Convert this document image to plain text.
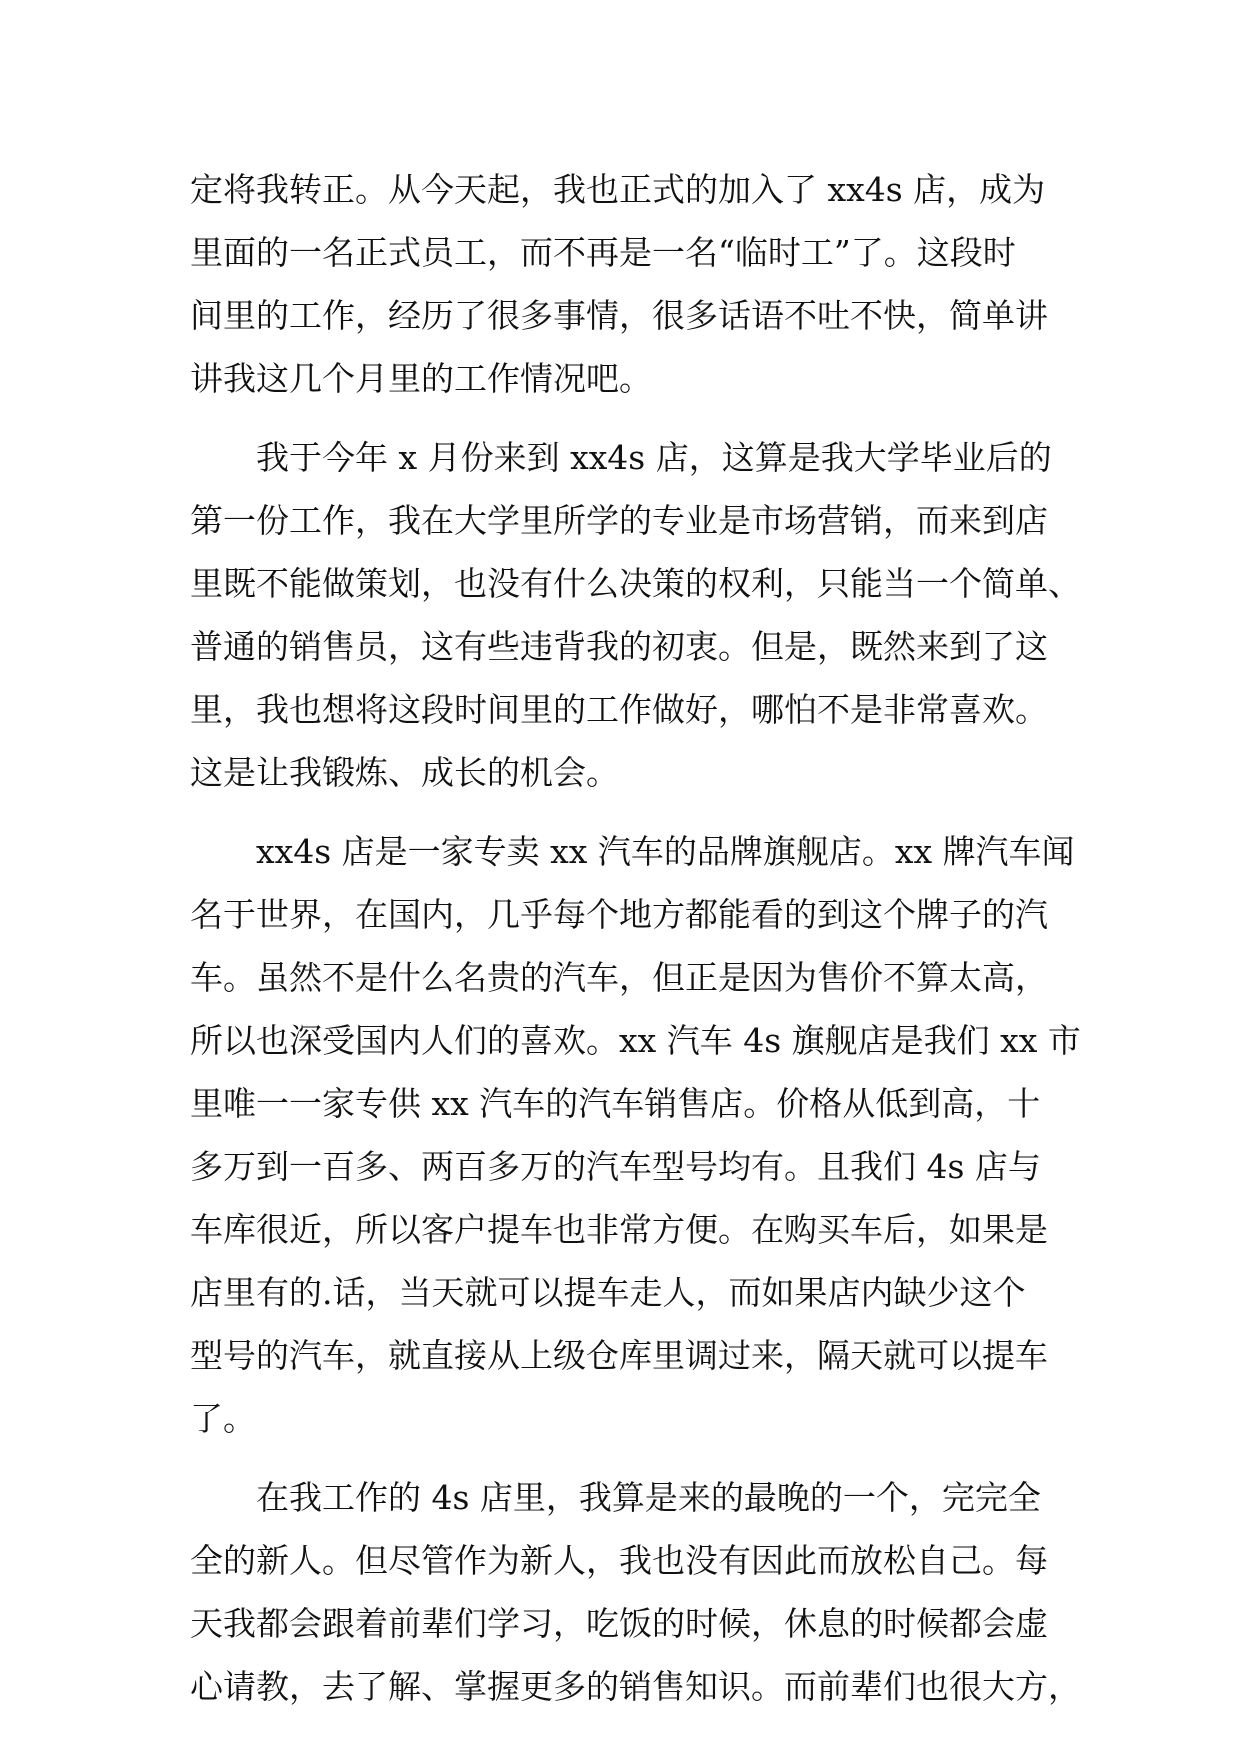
定将我转正。从今天起，我也正式的加入了 xx4s 店，成为
里面的一名正式员工，而不再是一名“临时工”了。这段时
间里的工作，经历了很多事情，很多话语不吐不快，简单讲
讲我这几个月里的工作情况吧。
我于今年 x 月份来到 xx4s 店，这算是我大学毕业后的
第一份工作，我在大学里所学的专业是市场营销，而来到店
里既不能做策划，也没有什么决策的权利，只能当一个简单、
普通的销售员，这有些违背我的初衷。但是，既然来到了这
里，我也想将这段时间里的工作做好，哪怕不是非常喜欢。
这是让我锻炼、成长的机会。
xx4s 店是一家专卖 xx 汽车的品牌旗舰店。xx 牌汽车闻
名于世界，在国内，几乎每个地方都能看的到这个牌子的汽
车。虽然不是什么名贵的汽车，但正是因为售价不算太高，
所以也深受国内人们的喜欢。xx 汽车 4s 旗舰店是我们 xx 市
里唯一一家专供 xx 汽车的汽车销售店。价格从低到高，十
多万到一百多、两百多万的汽车型号均有。且我们 4s 店与
车库很近，所以客户提车也非常方便。在购买车后，如果是
店里有的.话，当天就可以提车走人，而如果店内缺少这个
型号的汽车，就直接从上级仓库里调过来，隔天就可以提车
了。
在我工作的 4s 店里，我算是来的最晚的一个，完完全
全的新人。但尽管作为新人，我也没有因此而放松自己。每
天我都会跟着前辈们学习，吃饭的时候，休息的时候都会虚
心请教，去了解、掌握更多的销售知识。而前辈们也很大方，
